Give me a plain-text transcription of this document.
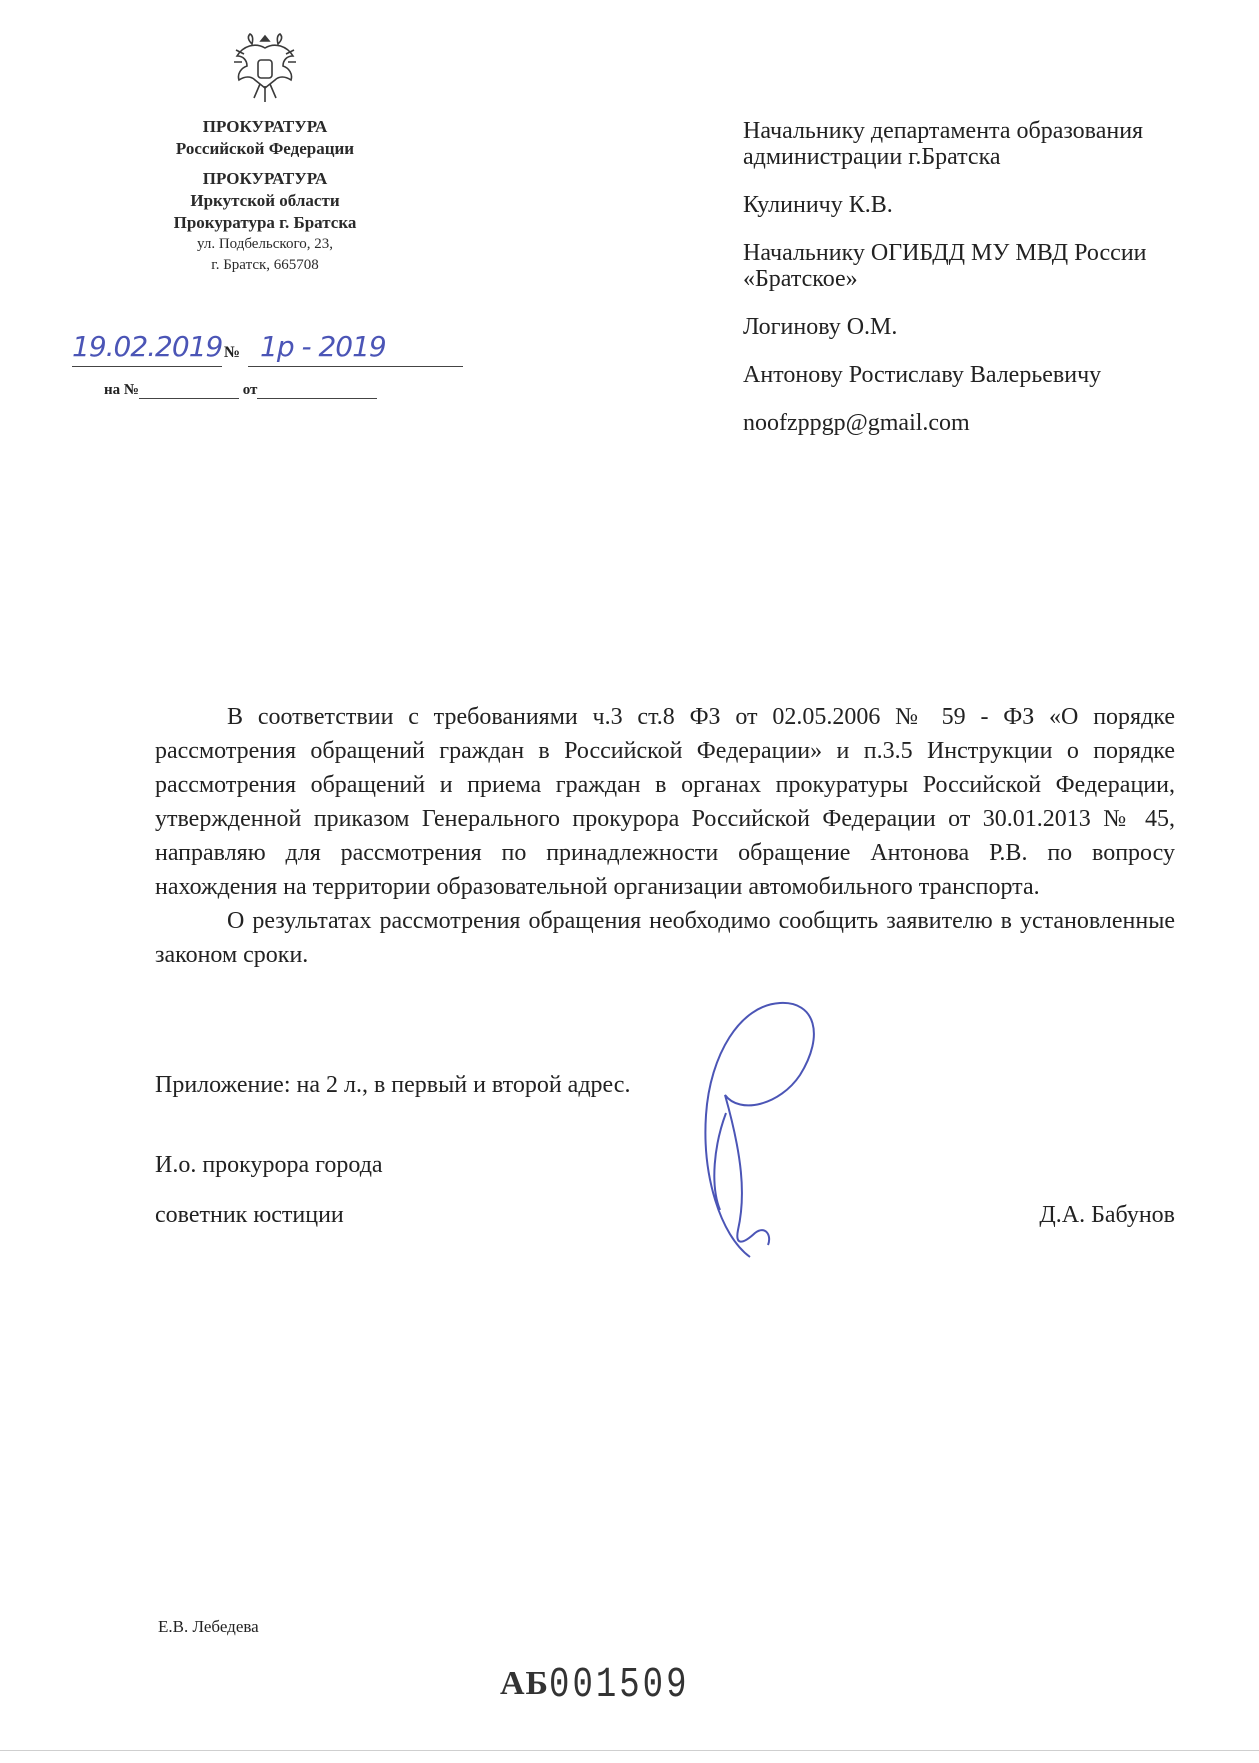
ПРОКУРАТУРА
Российской Федерации
ПРОКУРАТУРА
Иркутской области
Прокуратура г. Братска
ул. Подбельского, 23,
г. Братск, 665708
19.02.2019 № 1р - 2019
на №	от
Начальнику департамента образования администрации г.Братска
Кулиничу К.В.
Начальнику ОГИБДД МУ МВД России «Братское»
Логинову О.М.
Антонову Ростиславу Валерьевичу
noofzppgp@gmail.com

В соответствии с требованиями ч.3 ст.8 ФЗ от 02.05.2006 № 59 - ФЗ «О порядке рассмотрения обращений граждан в Российской Федерации» и п.3.5 Инструкции о порядке рассмотрения обращений и приема граждан в органах прокуратуры Российской Федерации, утвержденной приказом Генерального прокурора Российской Федерации от 30.01.2013 № 45, направляю для рассмотрения по принадлежности обращение Антонова Р.В. по вопросу нахождения на территории образовательной организации автомобильного транспорта.

О результатах рассмотрения обращения необходимо сообщить заявителю в установленные законом сроки.

Приложение: на 2 л., в первый и второй адрес.
И.о. прокурора города
советник юстиции	Д.А. Бабунов
Е.В. Лебедева
АБ001509
